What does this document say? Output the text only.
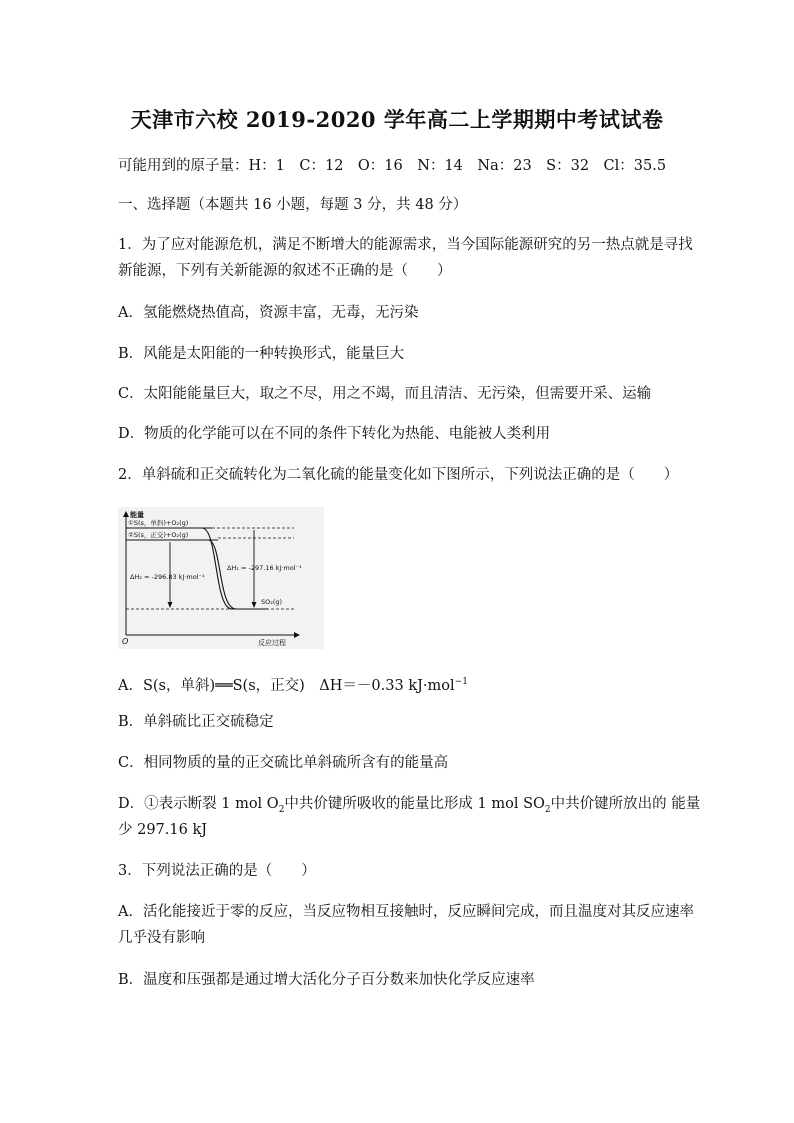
天津市六校 2019-2020 学年高二上学期期中考试试卷
可能用到的原子量：H：1　C：12　O：16　N：14　Na：23　S：32　Cl：35.5
一、选择题（本题共 16 小题，每题 3 分，共 48 分）
1．为了应对能源危机，满足不断增大的能源需求，当今国际能源研究的另一热点就是寻找
新能源，下列有关新能源的叙述不正确的是（　　）
A．氢能燃烧热值高，资源丰富，无毒，无污染
B．风能是太阳能的一种转换形式，能量巨大
C．太阳能能量巨大，取之不尽，用之不竭，而且清洁、无污染，但需要开采、运输
D．物质的化学能可以在不同的条件下转化为热能、电能被人类利用
2．单斜硫和正交硫转化为二氧化硫的能量变化如下图所示，下列说法正确的是（　　）
能量
O	反应过程
①S(s，单斜)+O₂(g)
②S(s，正交)+O₂(g)
SO₂(g)
ΔH₂ = -296.83 kJ·mol⁻¹
ΔH₁ = -297.16 kJ·mol⁻¹
A．S(s，单斜)══S(s，正交)　ΔH＝－0.33 kJ·mol$^{-1}$
B．单斜硫比正交硫稳定
C．相同物质的量的正交硫比单斜硫所含有的能量高
D．①表示断裂 1 mol $O_2$中共价键所吸收的能量比形成 1 mol $SO_2$中共价键所放出的 能量
少 297.16 kJ
3．下列说法正确的是（　　）
A．活化能接近于零的反应，当反应物相互接触时，反应瞬间完成，而且温度对其反应速率
几乎没有影响
B．温度和压强都是通过增大活化分子百分数来加快化学反应速率
